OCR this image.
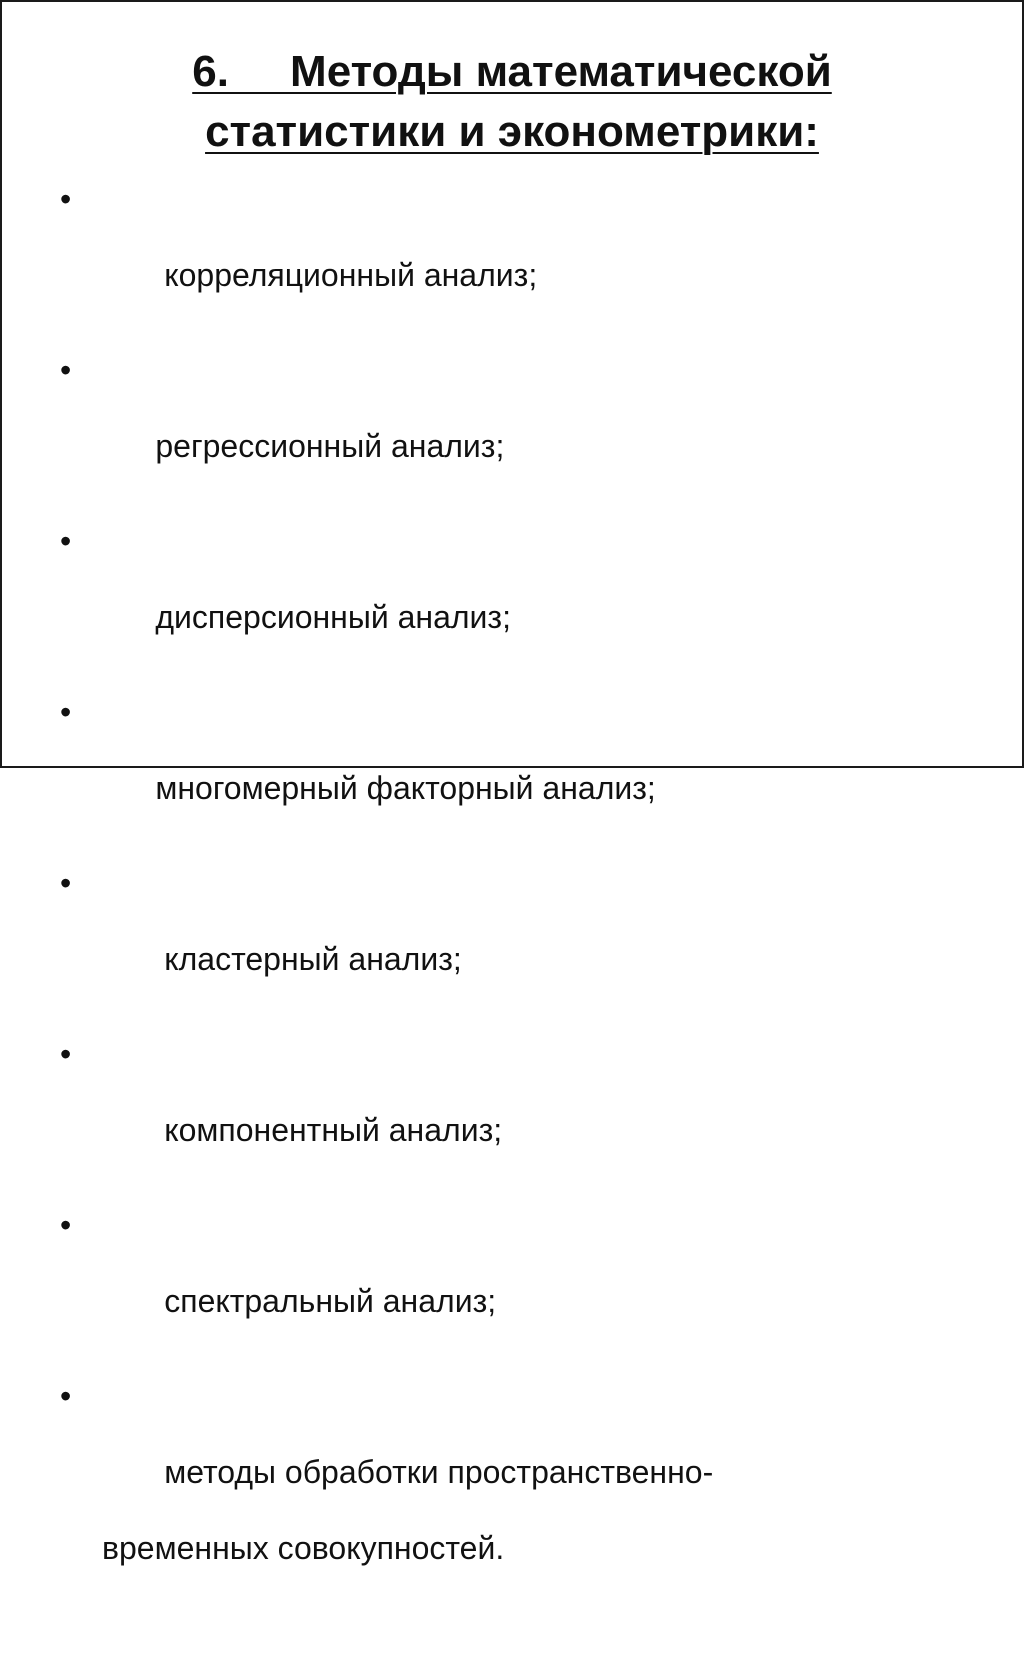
6.     Методы математической
статистики и эконометрики:

•

корреляционный анализ;

•

регрессионный анализ;

•

дисперсионный анализ;

•

многомерный факторный анализ;

•

кластерный анализ;

•

компонентный анализ;

•

спектральный анализ;

•

методы обработки пространственно-

временных совокупностей.
